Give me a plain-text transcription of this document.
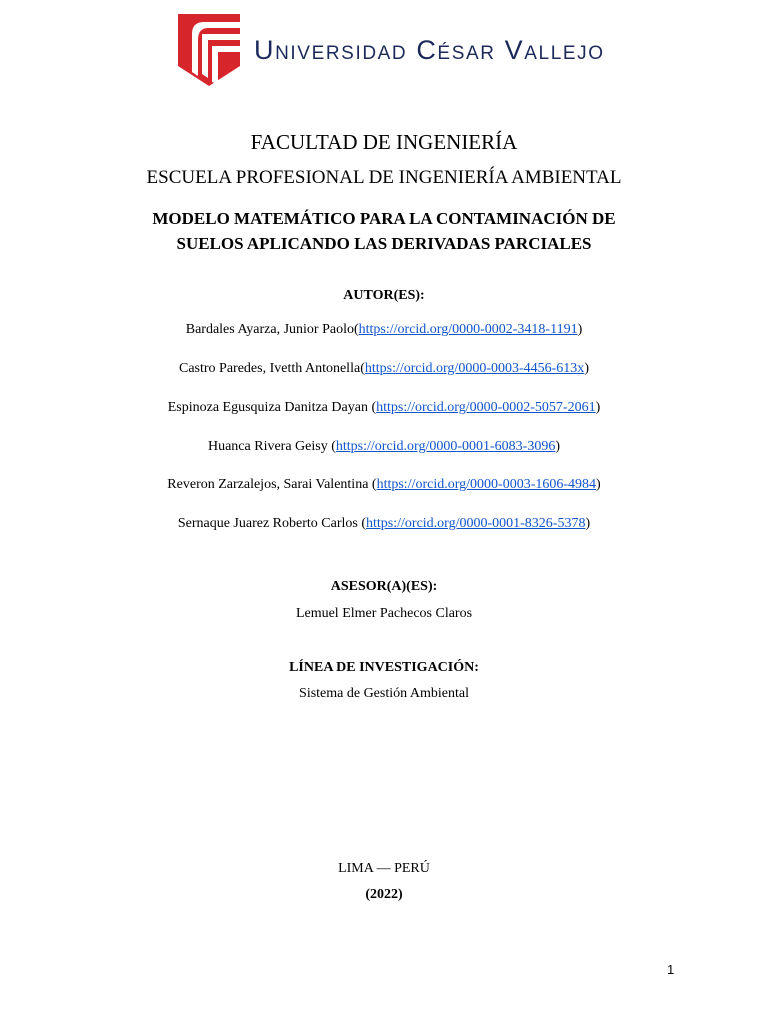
Universidad César Vallejo
FACULTAD DE INGENIERÍA
ESCUELA PROFESIONAL DE INGENIERÍA AMBIENTAL
MODELO MATEMÁTICO PARA LA CONTAMINACIÓN DE
SUELOS APLICANDO LAS DERIVADAS PARCIALES
AUTOR(ES):
Bardales Ayarza, Junior Paolo(https://orcid.org/0000-0002-3418-1191)
Castro Paredes, Ivetth Antonella(https://orcid.org/0000-0003-4456-613x)
Espinoza Egusquiza Danitza Dayan (https://orcid.org/0000-0002-5057-2061)
Huanca Rivera Geisy (https://orcid.org/0000-0001-6083-3096)
Reveron Zarzalejos, Sarai Valentina (https://orcid.org/0000-0003-1606-4984)
Sernaque Juarez Roberto Carlos (https://orcid.org/0000-0001-8326-5378)
ASESOR(A)(ES):
Lemuel Elmer Pachecos Claros
LÍNEA DE INVESTIGACIÓN:
Sistema de Gestión Ambiental
LIMA — PERÚ
(2022)
1
